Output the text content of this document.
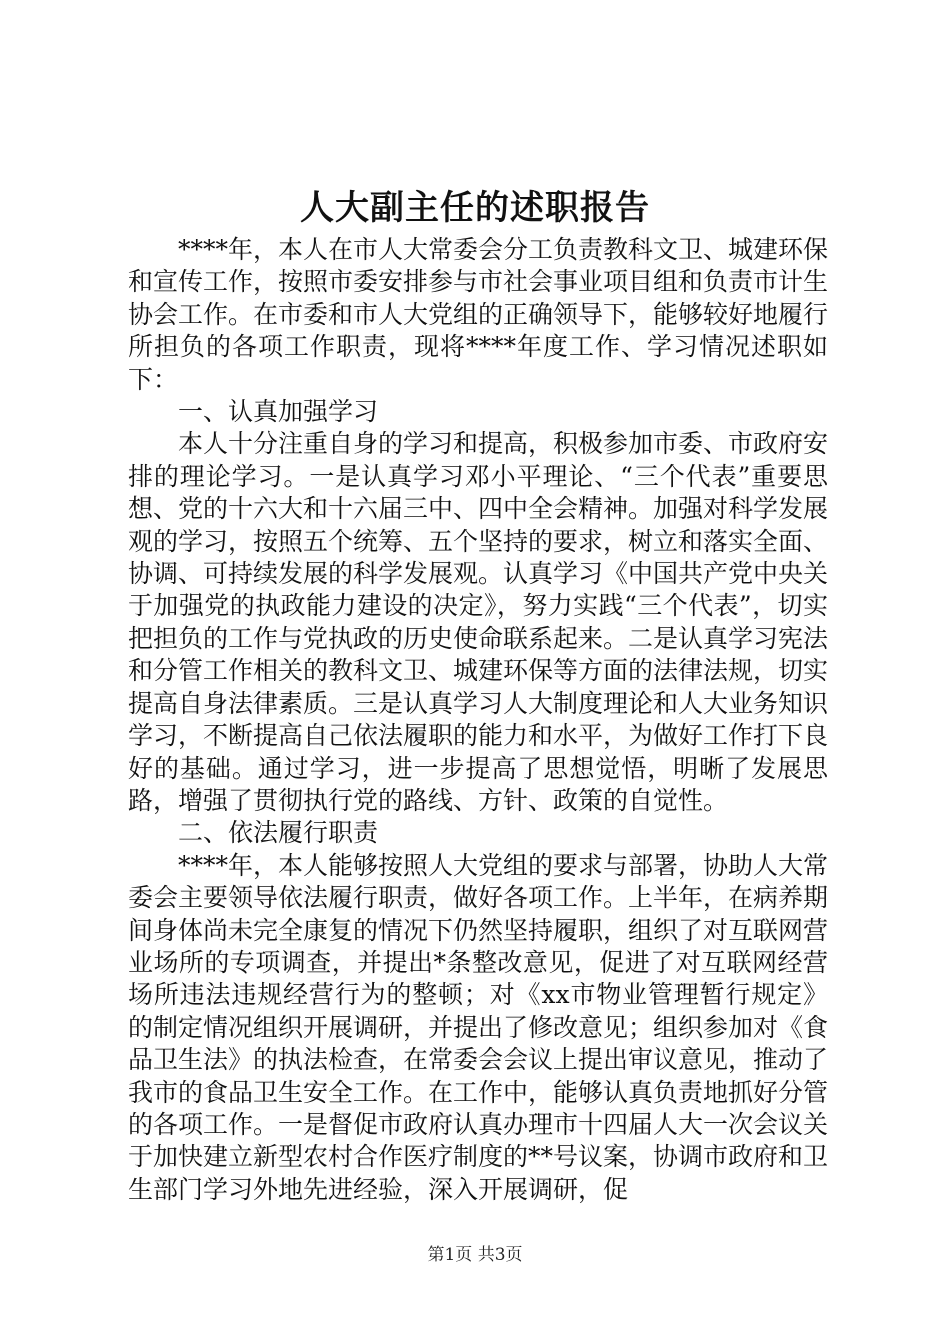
人大副主任的述职报告

****年，本人在市人大常委会分工负责教科文卫、城建环保和宣传工作，按照市委安排参与市社会事业项目组和负责市计生协会工作。在市委和市人大党组的正确领导下，能够较好地履行所担负的各项工作职责，现将****年度工作、学习情况述职如下：

一、认真加强学习

本人十分注重自身的学习和提高，积极参加市委、市政府安排的理论学习。一是认真学习邓小平理论、“三个代表”重要思想、党的十六大和十六届三中、四中全会精神。加强对科学发展观的学习，按照五个统筹、五个坚持的要求，树立和落实全面、协调、可持续发展的科学发展观。认真学习《中国共产党中央关于加强党的执政能力建设的决定》，努力实践“三个代表”，切实把担负的工作与党执政的历史使命联系起来。二是认真学习宪法和分管工作相关的教科文卫、城建环保等方面的法律法规，切实提高自身法律素质。三是认真学习人大制度理论和人大业务知识学习，不断提高自己依法履职的能力和水平，为做好工作打下良好的基础。通过学习，进一步提高了思想觉悟，明晰了发展思路，增强了贯彻执行党的路线、方针、政策的自觉性。

二、依法履行职责

****年，本人能够按照人大党组的要求与部署，协助人大常委会主要领导依法履行职责，做好各项工作。上半年，在病养期间身体尚未完全康复的情况下仍然坚持履职，组织了对互联网营业场所的专项调查，并提出*条整改意见，促进了对互联网经营场所违法违规经营行为的整顿；对《xx市物业管理暂行规定》的制定情况组织开展调研，并提出了修改意见；组织参加对《食品卫生法》的执法检查，在常委会会议上提出审议意见，推动了我市的食品卫生安全工作。在工作中，能够认真负责地抓好分管的各项工作。一是督促市政府认真办理市十四届人大一次会议关于加快建立新型农村合作医疗制度的**号议案，协调市政府和卫生部门学习外地先进经验，深入开展调研，促

第1页 共3页
